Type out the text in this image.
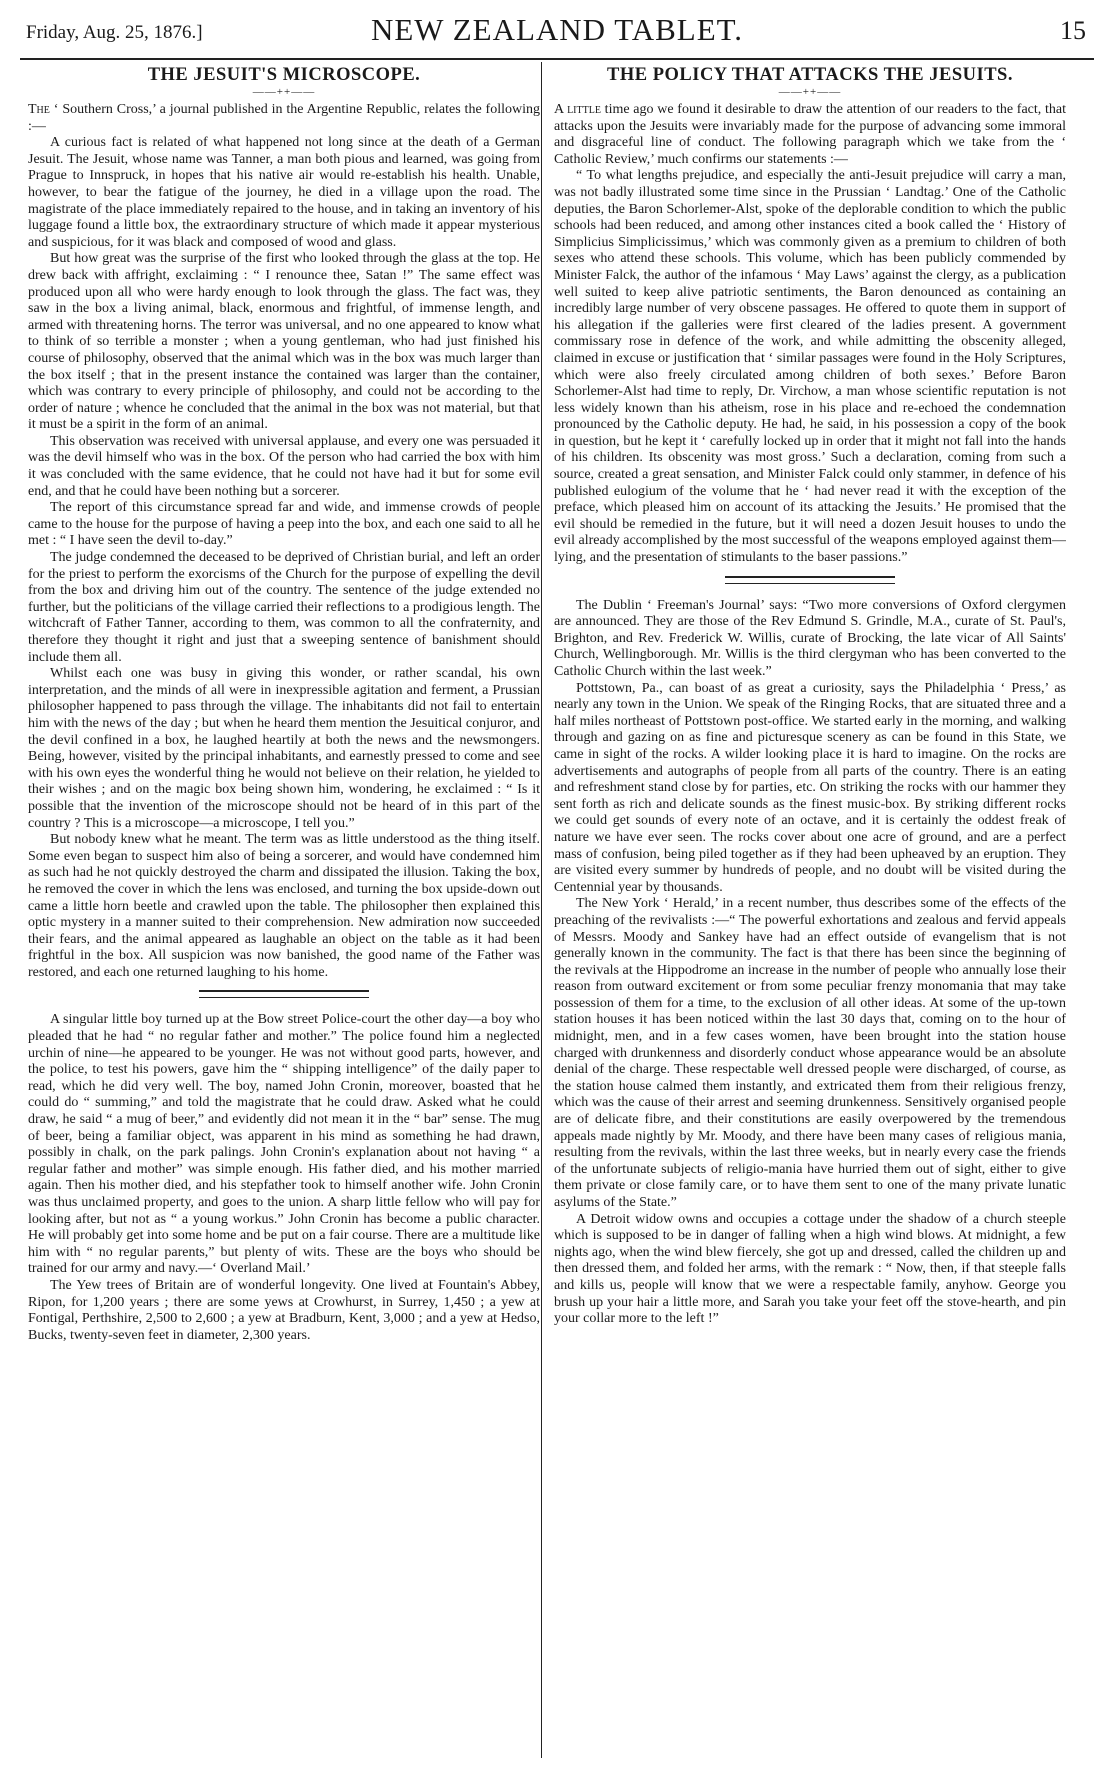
Friday, Aug. 25, 1876.]	NEW ZEALAND TABLET.	15
THE JESUIT'S MICROSCOPE.
——++——

The ‘ Southern Cross,’ a journal published in the Argentine Republic, relates the following :—

A curious fact is related of what happened not long since at the death of a German Jesuit. The Jesuit, whose name was Tanner, a man both pious and learned, was going from Prague to Innspruck, in hopes that his native air would re-establish his health. Unable, however, to bear the fatigue of the journey, he died in a village upon the road. The magistrate of the place immediately repaired to the house, and in taking an inventory of his luggage found a little box, the extraordinary structure of which made it appear mysterious and suspicious, for it was black and composed of wood and glass.

But how great was the surprise of the first who looked through the glass at the top. He drew back with affright, exclaiming : “ I renounce thee, Satan !” The same effect was produced upon all who were hardy enough to look through the glass. The fact was, they saw in the box a living animal, black, enormous and frightful, of immense length, and armed with threatening horns. The terror was universal, and no one appeared to know what to think of so terrible a monster ; when a young gentleman, who had just finished his course of philosophy, observed that the animal which was in the box was much larger than the box itself ; that in the present instance the contained was larger than the container, which was contrary to every principle of philosophy, and could not be according to the order of nature ; whence he concluded that the animal in the box was not material, but that it must be a spirit in the form of an animal.

This observation was received with universal applause, and every one was persuaded it was the devil himself who was in the box. Of the person who had carried the box with him it was concluded with the same evidence, that he could not have had it but for some evil end, and that he could have been nothing but a sorcerer.

The report of this circumstance spread far and wide, and immense crowds of people came to the house for the purpose of having a peep into the box, and each one said to all he met : “ I have seen the devil to-day.”

The judge condemned the deceased to be deprived of Christian burial, and left an order for the priest to perform the exorcisms of the Church for the purpose of expelling the devil from the box and driving him out of the country. The sentence of the judge extended no further, but the politicians of the village carried their reflections to a prodigious length. The witchcraft of Father Tanner, according to them, was common to all the confraternity, and therefore they thought it right and just that a sweeping sentence of banishment should include them all.

Whilst each one was busy in giving this wonder, or rather scandal, his own interpretation, and the minds of all were in inexpressible agitation and ferment, a Prussian philosopher happened to pass through the village. The inhabitants did not fail to entertain him with the news of the day ; but when he heard them mention the Jesuitical conjuror, and the devil confined in a box, he laughed heartily at both the news and the newsmongers. Being, however, visited by the principal inhabitants, and earnestly pressed to come and see with his own eyes the wonderful thing he would not believe on their relation, he yielded to their wishes ; and on the magic box being shown him, wondering, he exclaimed : “ Is it possible that the invention of the microscope should not be heard of in this part of the country ? This is a microscope—a microscope, I tell you.”

But nobody knew what he meant. The term was as little understood as the thing itself. Some even began to suspect him also of being a sorcerer, and would have condemned him as such had he not quickly destroyed the charm and dissipated the illusion. Taking the box, he removed the cover in which the lens was enclosed, and turning the box upside-down out came a little horn beetle and crawled upon the table. The philosopher then explained this optic mystery in a manner suited to their comprehension. New admiration now succeeded their fears, and the animal appeared as laughable an object on the table as it had been frightful in the box. All suspicion was now banished, the good name of the Father was restored, and each one returned laughing to his home.

A singular little boy turned up at the Bow street Police-court the other day—a boy who pleaded that he had “ no regular father and mother.” The police found him a neglected urchin of nine—he appeared to be younger. He was not without good parts, however, and the police, to test his powers, gave him the “ shipping intelligence” of the daily paper to read, which he did very well. The boy, named John Cronin, moreover, boasted that he could do “ summing,” and told the magistrate that he could draw. Asked what he could draw, he said “ a mug of beer,” and evidently did not mean it in the “ bar” sense. The mug of beer, being a familiar object, was apparent in his mind as something he had drawn, possibly in chalk, on the park palings. John Cronin's explanation about not having “ a regular father and mother” was simple enough. His father died, and his mother married again. Then his mother died, and his stepfather took to himself another wife. John Cronin was thus unclaimed property, and goes to the union. A sharp little fellow who will pay for looking after, but not as “ a young workus.” John Cronin has become a public character. He will probably get into some home and be put on a fair course. There are a multitude like him with “ no regular parents,” but plenty of wits. These are the boys who should be trained for our army and navy.—‘ Overland Mail.’

The Yew trees of Britain are of wonderful longevity. One lived at Fountain's Abbey, Ripon, for 1,200 years ; there are some yews at Crowhurst, in Surrey, 1,450 ; a yew at Fontigal, Perthshire, 2,500 to 2,600 ; a yew at Bradburn, Kent, 3,000 ; and a yew at Hedso, Bucks, twenty-seven feet in diameter, 2,300 years.

THE POLICY THAT ATTACKS THE JESUITS.
——++——

A little time ago we found it desirable to draw the attention of our readers to the fact, that attacks upon the Jesuits were invariably made for the purpose of advancing some immoral and disgraceful line of conduct. The following paragraph which we take from the ‘ Catholic Review,’ much confirms our statements :—

“ To what lengths prejudice, and especially the anti-Jesuit prejudice will carry a man, was not badly illustrated some time since in the Prussian ‘ Landtag.’ One of the Catholic deputies, the Baron Schorlemer-Alst, spoke of the deplorable condition to which the public schools had been reduced, and among other instances cited a book called the ‘ History of Simplicius Simplicissimus,’ which was commonly given as a premium to children of both sexes who attend these schools. This volume, which has been publicly commended by Minister Falck, the author of the infamous ‘ May Laws’ against the clergy, as a publication well suited to keep alive patriotic sentiments, the Baron denounced as containing an incredibly large number of very obscene passages. He offered to quote them in support of his allegation if the galleries were first cleared of the ladies present. A government commissary rose in defence of the work, and while admitting the obscenity alleged, claimed in excuse or justification that ‘ similar passages were found in the Holy Scriptures, which were also freely circulated among children of both sexes.’ Before Baron Schorlemer-Alst had time to reply, Dr. Virchow, a man whose scientific reputation is not less widely known than his atheism, rose in his place and re-echoed the condemnation pronounced by the Catholic deputy. He had, he said, in his possession a copy of the book in question, but he kept it ‘ carefully locked up in order that it might not fall into the hands of his children. Its obscenity was most gross.’ Such a declaration, coming from such a source, created a great sensation, and Minister Falck could only stammer, in defence of his published eulogium of the volume that he ‘ had never read it with the exception of the preface, which pleased him on account of its attacking the Jesuits.’ He promised that the evil should be remedied in the future, but it will need a dozen Jesuit houses to undo the evil already accomplished by the most successful of the weapons employed against them—lying, and the presentation of stimulants to the baser passions.”

The Dublin ‘ Freeman's Journal’ says: “Two more conversions of Oxford clergymen are announced. They are those of the Rev Edmund S. Grindle, M.A., curate of St. Paul's, Brighton, and Rev. Frederick W. Willis, curate of Brocking, the late vicar of All Saints' Church, Wellingborough. Mr. Willis is the third clergyman who has been converted to the Catholic Church within the last week.”

Pottstown, Pa., can boast of as great a curiosity, says the Philadelphia ‘ Press,’ as nearly any town in the Union. We speak of the Ringing Rocks, that are situated three and a half miles northeast of Pottstown post-office. We started early in the morning, and walking through and gazing on as fine and picturesque scenery as can be found in this State, we came in sight of the rocks. A wilder looking place it is hard to imagine. On the rocks are advertisements and autographs of people from all parts of the country. There is an eating and refreshment stand close by for parties, etc. On striking the rocks with our hammer they sent forth as rich and delicate sounds as the finest music-box. By striking different rocks we could get sounds of every note of an octave, and it is certainly the oddest freak of nature we have ever seen. The rocks cover about one acre of ground, and are a perfect mass of confusion, being piled together as if they had been upheaved by an eruption. They are visited every summer by hundreds of people, and no doubt will be visited during the Centennial year by thousands.

The New York ‘ Herald,’ in a recent number, thus describes some of the effects of the preaching of the revivalists :—“ The powerful exhortations and zealous and fervid appeals of Messrs. Moody and Sankey have had an effect outside of evangelism that is not generally known in the community. The fact is that there has been since the beginning of the revivals at the Hippodrome an increase in the number of people who annually lose their reason from outward excitement or from some peculiar frenzy monomania that may take possession of them for a time, to the exclusion of all other ideas. At some of the up-town station houses it has been noticed within the last 30 days that, coming on to the hour of midnight, men, and in a few cases women, have been brought into the station house charged with drunkenness and disorderly conduct whose appearance would be an absolute denial of the charge. These respectable well dressed people were discharged, of course, as the station house calmed them instantly, and extricated them from their religious frenzy, which was the cause of their arrest and seeming drunkenness. Sensitively organised people are of delicate fibre, and their constitutions are easily overpowered by the tremendous appeals made nightly by Mr. Moody, and there have been many cases of religious mania, resulting from the revivals, within the last three weeks, but in nearly every case the friends of the unfortunate subjects of religio-mania have hurried them out of sight, either to give them private or close family care, or to have them sent to one of the many private lunatic asylums of the State.”

A Detroit widow owns and occupies a cottage under the shadow of a church steeple which is supposed to be in danger of falling when a high wind blows. At midnight, a few nights ago, when the wind blew fiercely, she got up and dressed, called the children up and then dressed them, and folded her arms, with the remark : “ Now, then, if that steeple falls and kills us, people will know that we were a respectable family, anyhow. George you brush up your hair a little more, and Sarah you take your feet off the stove-hearth, and pin your collar more to the left !”
